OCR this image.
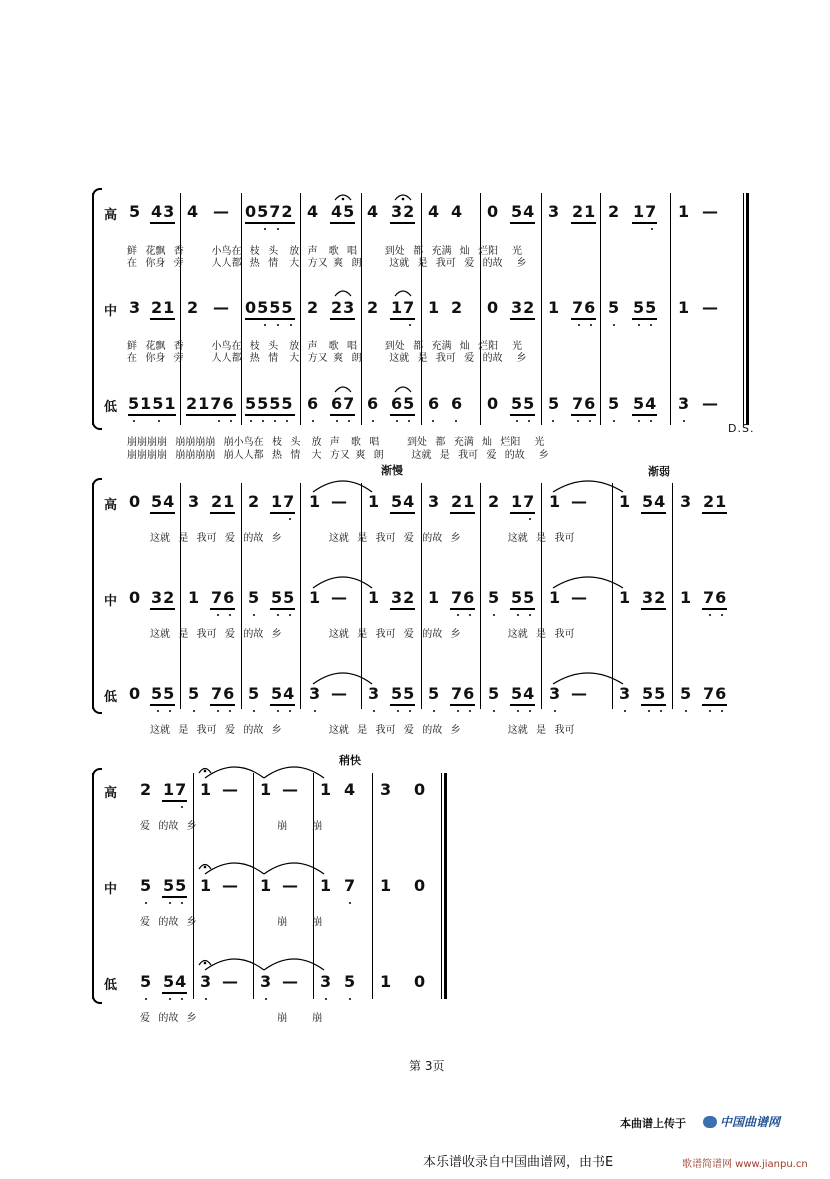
高
中
低
5 43 4 — 0572 4 45 4 32 4 4 0 54 3 21 2 17 1 —
鲜   花飘   香          小鸟在   枝   头    放   声    歌   唱          到处   都   充满   灿   烂阳     光
在   你身   旁          人人都   热   情    大   方又  爽   朗          这就   是   我可   爱   的故     乡
3 21 2 — 0555 2 23 2 17 1 2 0 32 1 76 5 55 1 —
鲜   花飘   香          小鸟在   枝   头    放   声    歌   唱          到处   都   充满   灿   烂阳     光
在   你身   旁          人人都   热   情    大   方又  爽   朗          这就   是   我可   爱   的故     乡
5151 2176 5555 6 67 6 65 6 6 0 55 5 76 5 54 3 —
崩崩崩崩   崩崩崩崩   崩小鸟在   枝   头    放   声    歌   唱          到处   都   充满   灿   烂阳     光
崩崩崩崩   崩崩崩崩   崩人人都   热   情    大   方又  爽   朗          这就   是   我可   爱   的故     乡
D.S.
渐慢	渐弱
高
中
低
0 54 3 21 2 17 1 — 1 54 3 21 2 17 1 — 1 54 3 21
这就   是   我可   爱   的故   乡                 这就   是   我可   爱   的故   乡                 这就   是   我可
0 32 1 76 5 55 1 — 1 32 1 76 5 55 1 — 1 32 1 76
这就   是   我可   爱   的故   乡                 这就   是   我可   爱   的故   乡                 这就   是   我可
0 55 5 76 5 54 3 — 3 55 5 76 5 54 3 — 3 55 5 76
这就   是   我可   爱   的故   乡                 这就   是   我可   爱   的故   乡                 这就   是   我可
稍快
高
中
低
2 17 1 — 1 — 1 4 3 0
爱   的故   乡                             崩         崩
5 55 1 — 1 — 1 7 1 0
爱   的故   乡                             崩         崩
5 54 3 — 3 — 3 5 1 0
爱   的故   乡                             崩         崩
第 3页
本曲谱上传于	中国曲谱网
本乐谱收录自中国曲谱网，由书E	歌谱简谱网 www.jianpu.cn
